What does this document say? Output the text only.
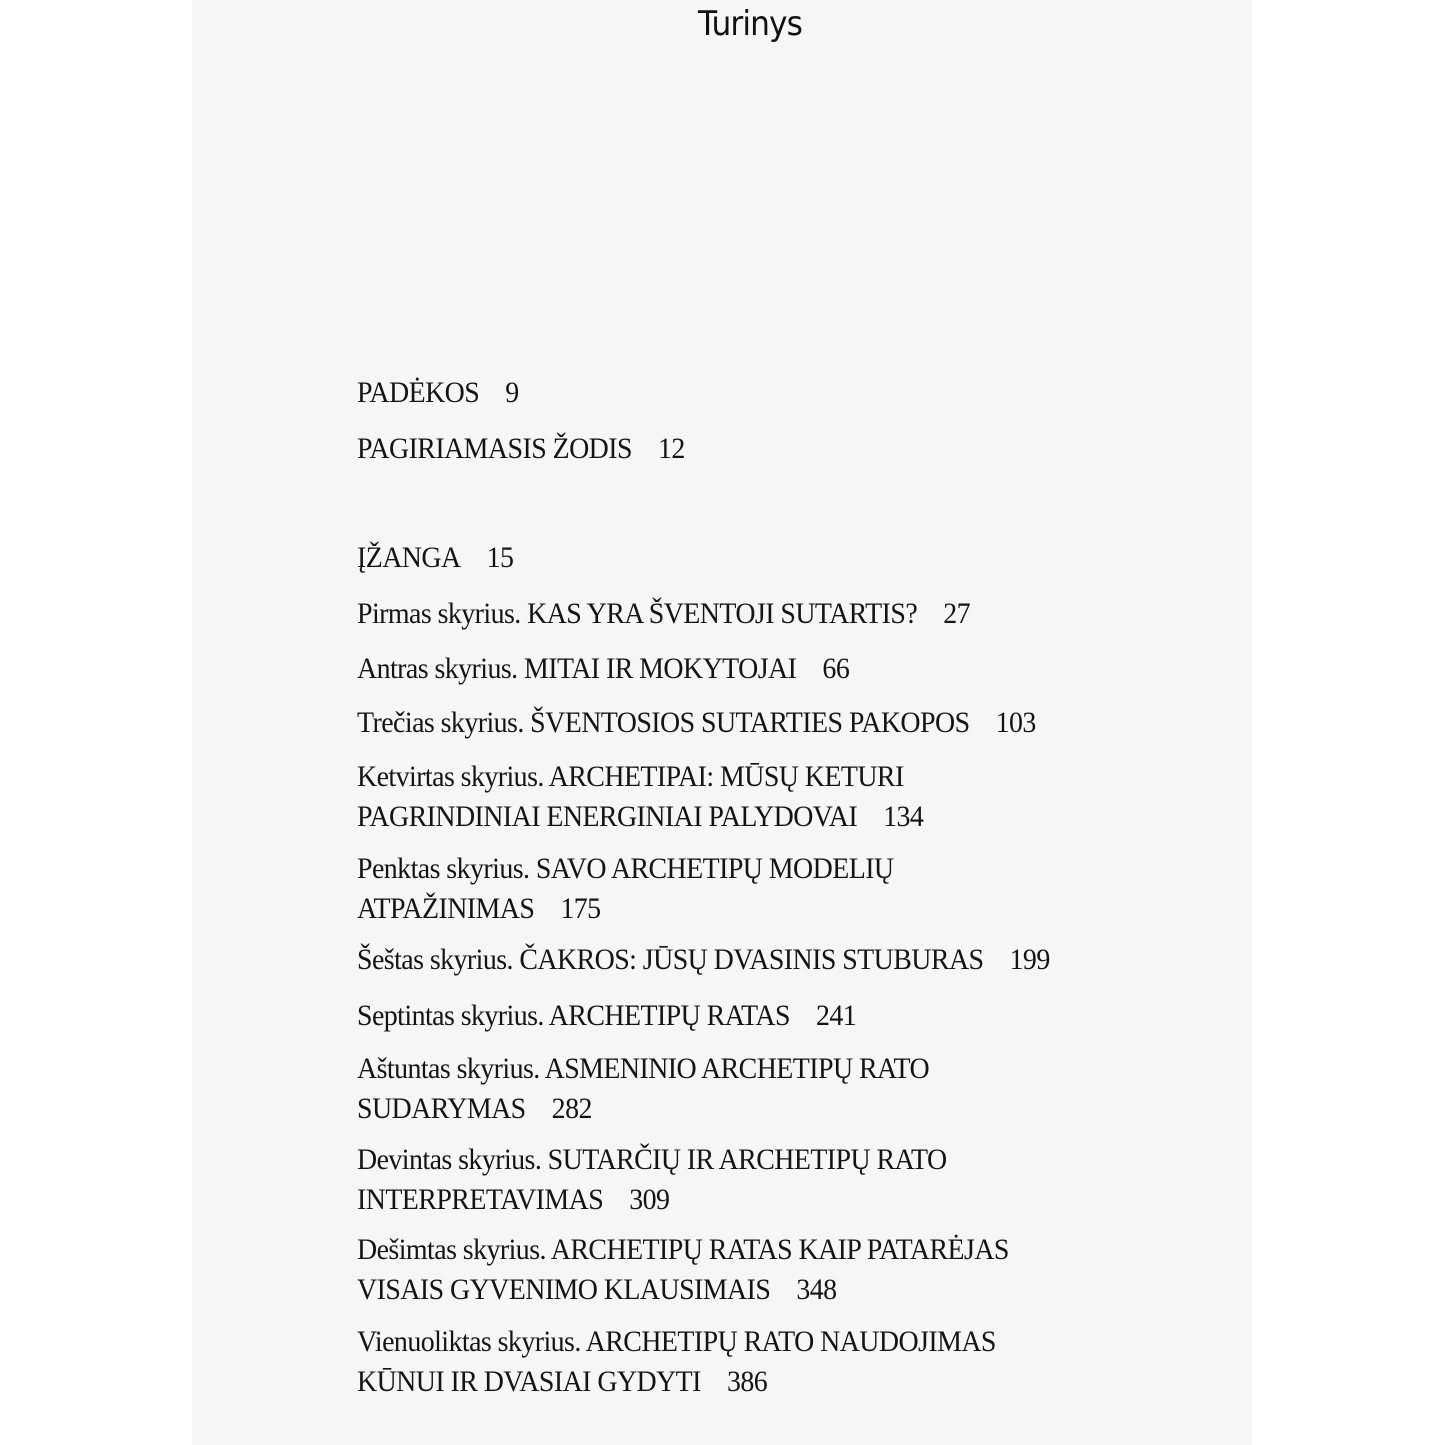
Turinys
PADĖKOS 9
PAGIRIAMASIS ŽODIS 12
ĮŽANGA 15
Pirmas skyrius. KAS YRA ŠVENTOJI SUTARTIS? 27
Antras skyrius. MITAI IR MOKYTOJAI 66
Trečias skyrius. ŠVENTOSIOS SUTARTIES PAKOPOS 103
Ketvirtas skyrius. ARCHETIPAI: MŪSŲ KETURI
PAGRINDINIAI ENERGINIAI PALYDOVAI 134
Penktas skyrius. SAVO ARCHETIPŲ MODELIŲ
ATPAŽINIMAS 175
Šeštas skyrius. ČAKROS: JŪSŲ DVASINIS STUBURAS 199
Septintas skyrius. ARCHETIPŲ RATAS 241
Aštuntas skyrius. ASMENINIO ARCHETIPŲ RATO
SUDARYMAS 282
Devintas skyrius. SUTARČIŲ IR ARCHETIPŲ RATO
INTERPRETAVIMAS 309
Dešimtas skyrius. ARCHETIPŲ RATAS KAIP PATARĖJAS
VISAIS GYVENIMO KLAUSIMAIS 348
Vienuoliktas skyrius. ARCHETIPŲ RATO NAUDOJIMAS
KŪNUI IR DVASIAI GYDYTI 386
